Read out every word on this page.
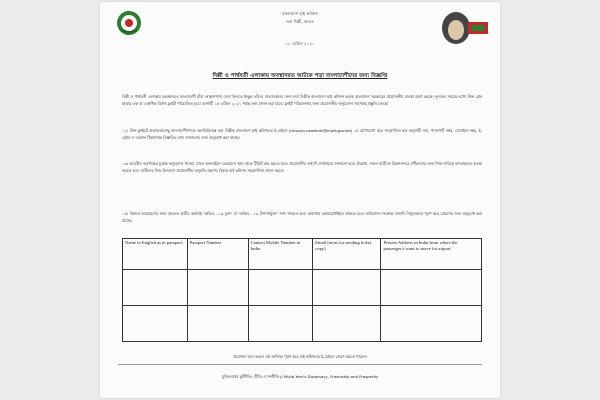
বাংলাদেশ হাই কমিশন
নয়া দিল্লী, ভারত
১১ এপ্রিল ২০২০
দিল্লী ও পার্শ্ববর্তী এলাকায় অবস্থানরত আটকে পড়া বাংলাদেশীদের জন্য বিজ্ঞপ্তি
দিল্লী ও পার্শ্ববর্তী এলাকায় অবস্থানরত বাংলাদেশী যাঁরা আকাশপথে দেশে ফিরতে ইচ্ছুক তাঁদের প্রত্যাবর্তনের জন্য নয়া দিল্লীস্থ বাংলাদেশ হাই কমিশন কর্তৃক বাংলাদেশ সরকারের প্রয়োজনীয় ব্যবস্থা গ্রহণ করছে। নূন্যতম সময়ের মধ্যে উক্ত প্লেন ছাড়ার এক বা একাধিক বিশেষ ফ্লাইট পরিচালিত হবে। আগামী ১৫ এপ্রিল ২০২০ পর্যন্ত তথ্য প্রদান করা যাবে। ফ্লাইট পরিচালনার জন্য প্রয়োজনীয় অনুমোদন সাপেক্ষে প্রস্তুতি চলছে।
০২। উক্ত ফ্লাইটে প্রত্যাবর্তনেচ্ছু বাংলাদেশীগণকে অনতিবিলম্বে নয়া দিল্লীস্থ বাংলাদেশ হাই কমিশনের ই-মেইলে (mission.newdelhi@mofa.gov.bd) -এ যোগাযোগ করে সংযোজিত ছক অনুযায়ী নাম, পাসপোর্ট নম্বর, মোবাইল নম্বর, ই-মেইল ও বর্তমান ঠিকানাসহ বিস্তারিত তথ্য জানানোর জন্য অনুরোধ করা যাচ্ছে।
০৩। ভারতীয় কর্তৃপক্ষের চূড়ান্ত অনুমোদন পাওয়া গেলে অনলাইনে যেকোনো স্থান থেকে টিকিট ক্রয় করতে হবে। প্রয়োজনীয় তথ্যাদি যথাসময়ে জানানো হবে। উল্লেখ্য, সকল যাত্রীকে বিমানবন্দরে পৌঁছানোর জন্য নিজ দায়িত্বে যানবাহনের ব্যবস্থা করতে হবে। যাত্রীদের নিজ উদ্যোগে প্রয়োজনীয় অনুমতি গ্রহণের বিষয়ে হাই কমিশন সহযোগিতা প্রদান করবে।
০৪। বিমানে আরোহণের জন্য প্রত্যেক যাত্রীর অবশ্যই "কভিড - ১৯ মুক্ত" বা "কভিড - ১৯ উপসর্গমুক্ত" সনদ থাকতে হবে। অন্যথায় কোয়ারেন্টাইনে থাকতে হবে। অভিবাসন সংক্রান্ত তথ্যাদি নির্ভুলভাবে পূরণ করে প্রেরণের জন্য অনুরোধ করা যাচ্ছে।
Name in English as in passport:	Passport Number	Contact Mobile Number in India	Email (most for sending ticket copy)	Present Address in India from where the passenger/s want to move for airport

প্রয়োজন মনে করলে এই তালিকা পূরণ করে হাই কমিশনের ই-মেইলে প্রেরণ করতে পারেন।
মুজিববর্ষের কূটনীতি; প্রীতি ও সম্প্রীতি // Mujib Year's Diplomacy, Friendship and Prosperity
